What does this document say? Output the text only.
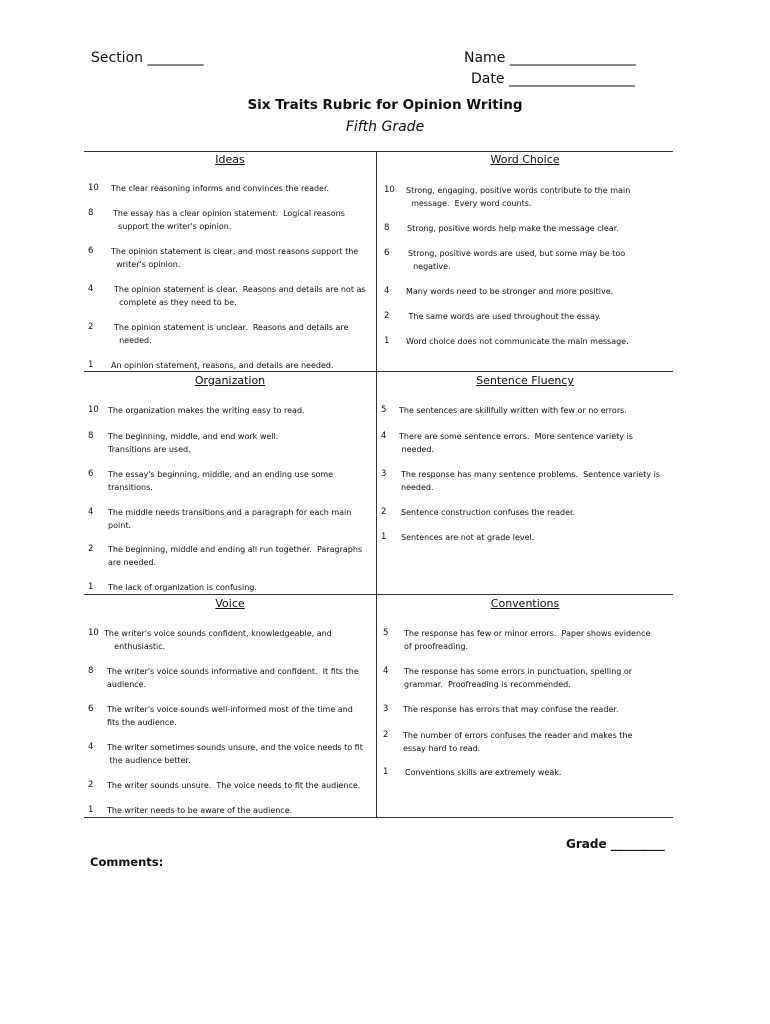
Section ________	Name __________________
Date __________________
Six Traits Rubric for Opinion Writing
Fifth Grade
Ideas
10 The clear reasoning informs and convinces the reader.
8 The essay has a clear opinion statement.  Logical reasons
support the writer's opinion.
6 The opinion statement is clear, and most reasons support the
writer's opinion.
4	The opinion statement is clear.  Reasons and details are not as
complete as they need to be.
2	The opinion statement is unclear.  Reasons and details are
needed.
1 An opinion statement, reasons, and details are needed.
Word Choice
10 Strong, engaging, positive words contribute to the main
message.  Every word counts.
8 Strong, positive words help make the message clear.
6 Strong, positive words are used, but some may be too
negative.
4 Many words need to be stronger and more positive.
2 The same words are used throughout the essay.
1 Word choice does not communicate the main message.
Organization
10 The organization makes the writing easy to read.
8 The beginning, middle, and end work well.
Transitions are used.
6 The essay's beginning, middle, and an ending use some
transitions.
4 The middle needs transitions and a paragraph for each main
point.
2 The beginning, middle and ending all run together.  Paragraphs
are needed.
1 The lack of organization is confusing.
Sentence Fluency
5 The sentences are skillfully written with few or no errors.
4 There are some sentence errors.  More sentence variety is
needed.
3 The response has many sentence problems.  Sentence variety is
needed.
2 Sentence construction confuses the reader.
1 Sentences are not at grade level.
Voice
10 The writer's voice sounds confident, knowledgeable, and
enthusiastic.
8 The writer's voice sounds informative and confident.  It fits the
audience.
6 The writer's voice sounds well-informed most of the time and
fits the audience.
4 The writer sometimes sounds unsure, and the voice needs to fit
the audience better.
2 The writer sounds unsure.  The voice needs to fit the audience.
1 The writer needs to be aware of the audience.
Conventions
5 The response has few or minor errors.  Paper shows evidence
of proofreading.
4 The response has some errors in punctuation, spelling or
grammar.  Proofreading is recommended.
3 The response has errors that may confuse the reader.
2 The number of errors confuses the reader and makes the
essay hard to read.
1 Conventions skills are extremely weak.
Grade _________
Comments:
